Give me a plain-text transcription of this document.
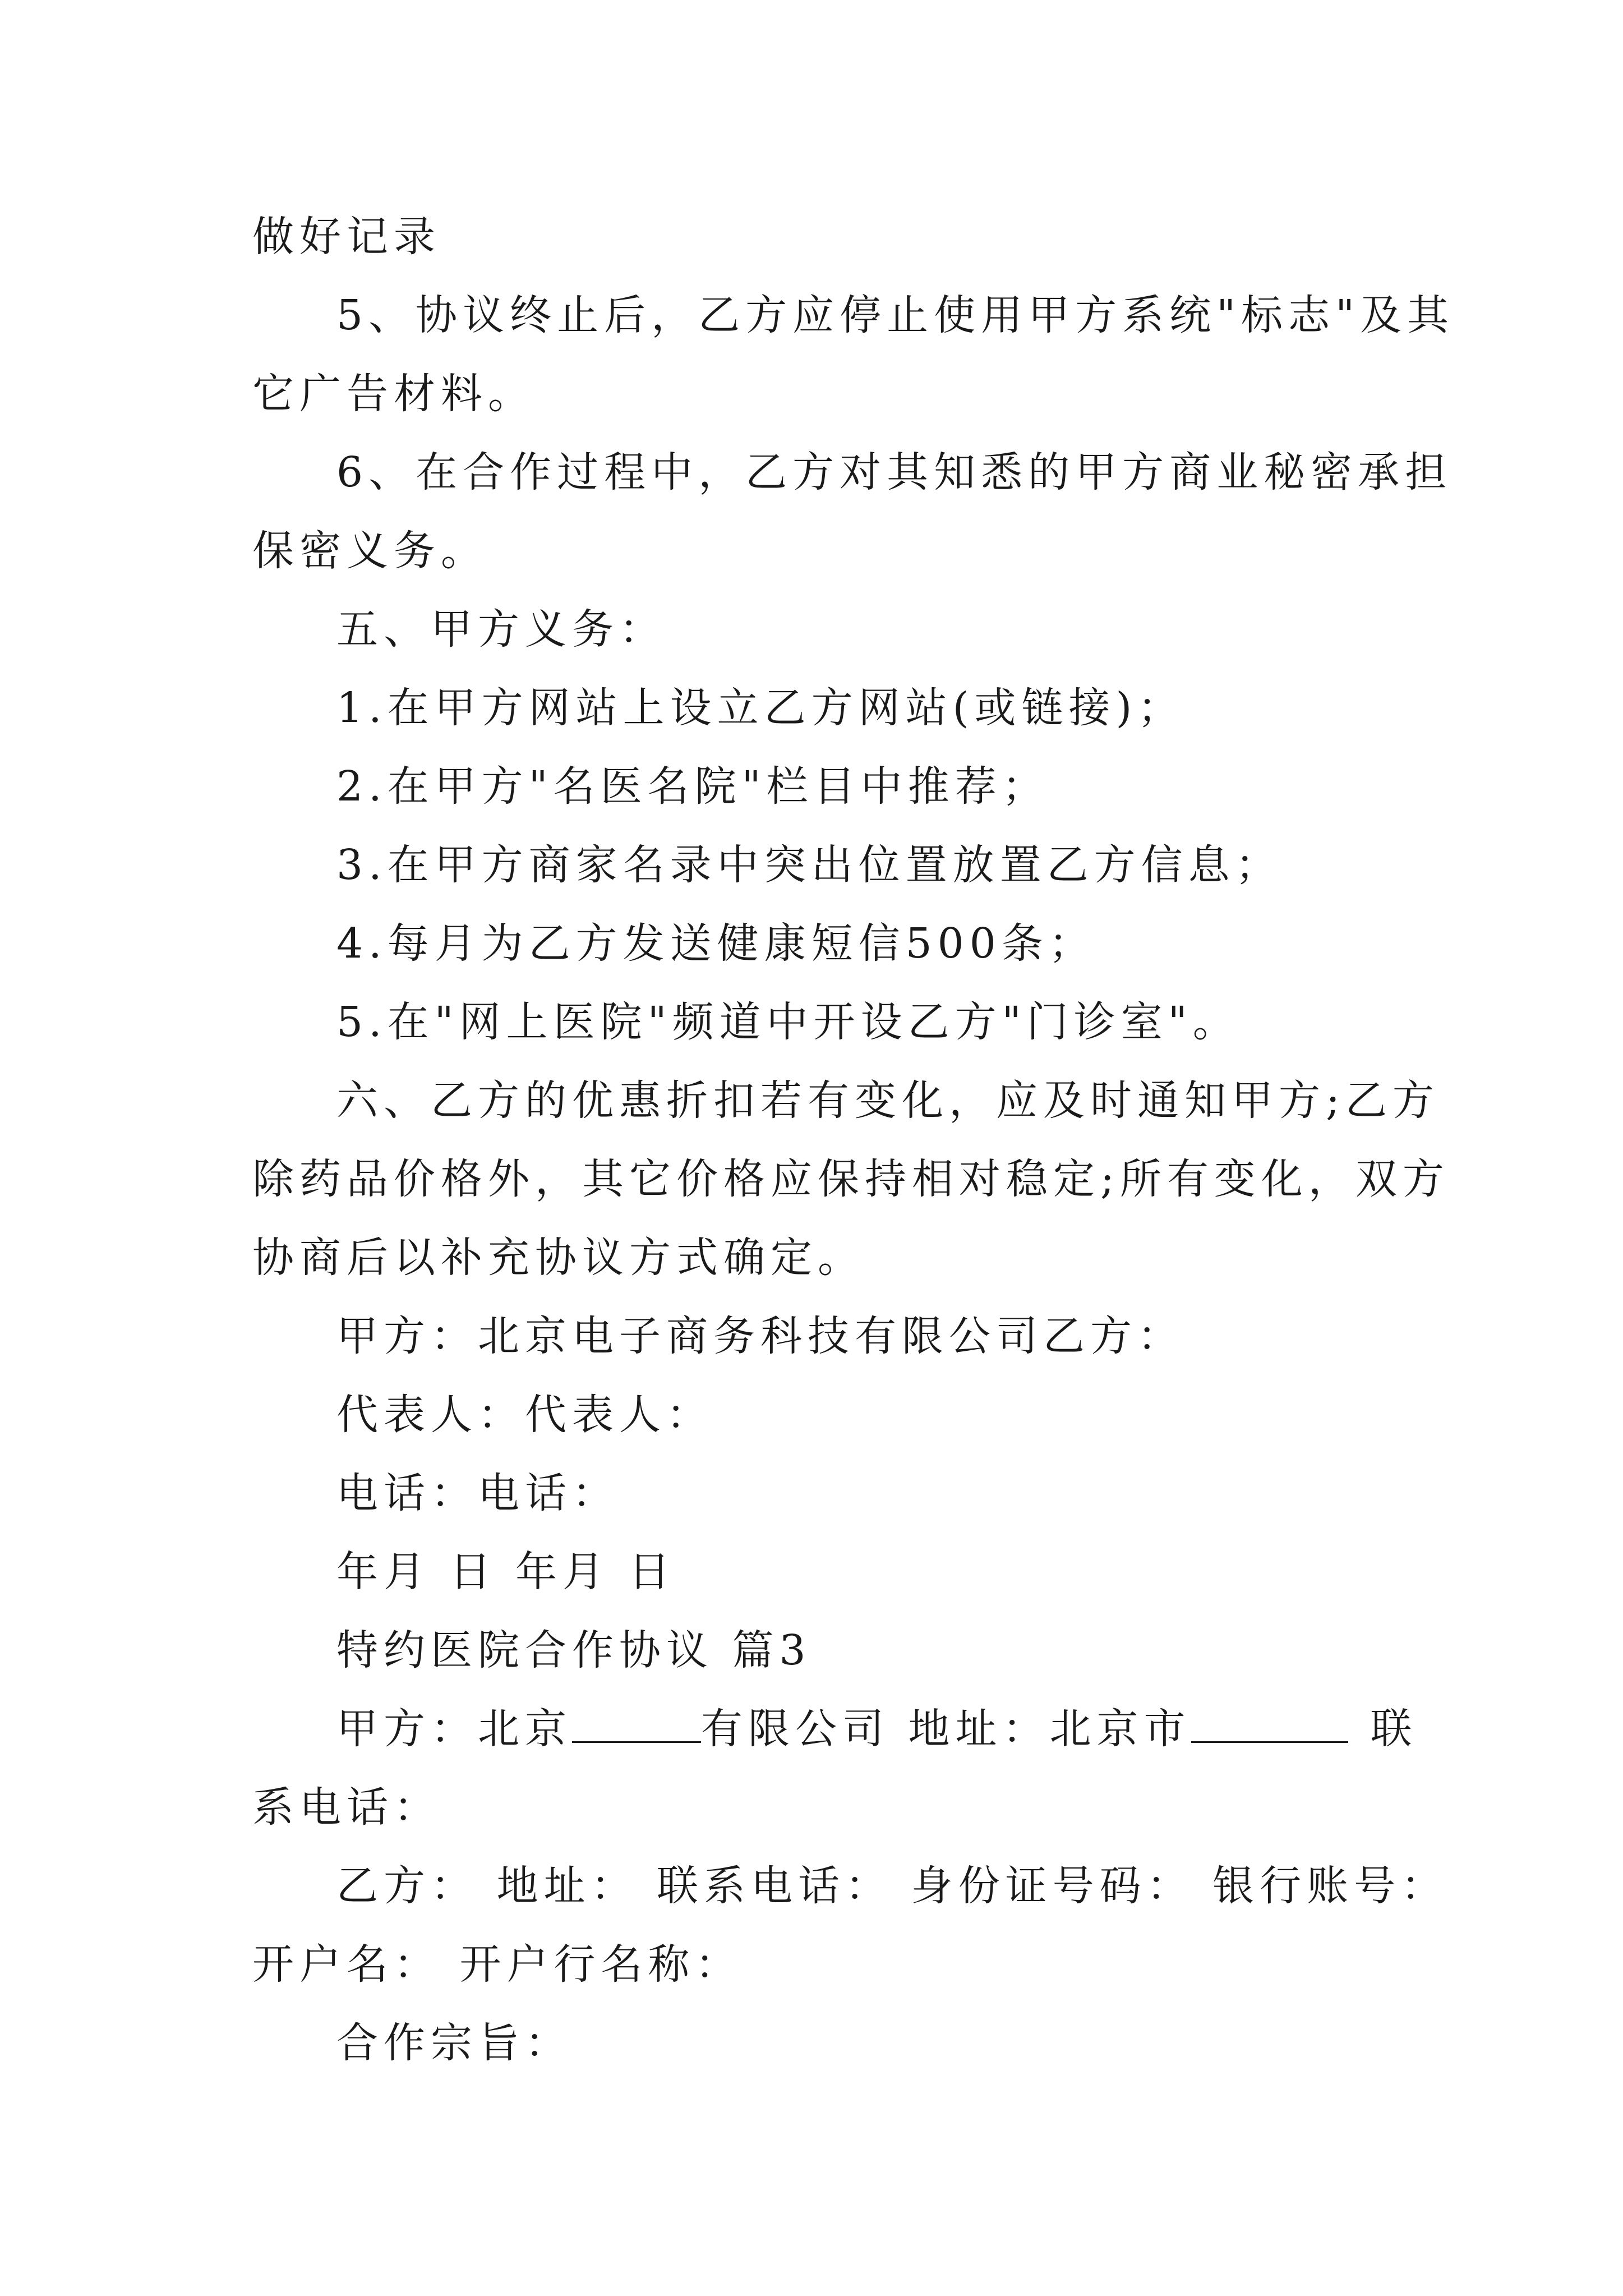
做好记录
5、协议终止后，乙方应停止使用甲方系统"标志"及其
它广告材料。
6、在合作过程中，乙方对其知悉的甲方商业秘密承担
保密义务。
五、甲方义务：
1.在甲方网站上设立乙方网站(或链接)；
2.在甲方"名医名院"栏目中推荐；
3.在甲方商家名录中突出位置放置乙方信息；
4.每月为乙方发送健康短信500条；
5.在"网上医院"频道中开设乙方"门诊室"。
六、乙方的优惠折扣若有变化，应及时通知甲方;乙方
除药品价格外，其它价格应保持相对稳定;所有变化，双方
协商后以补充协议方式确定。
甲方：北京电子商务科技有限公司乙方：
代表人：代表人：
电话：电话：
年月 日 年月 日
特约医院合作协议 篇3
甲方：北京	有限公司 地址：北京市	联
系电话：
乙方： 地址： 联系电话： 身份证号码： 银行账号：
开户名： 开户行名称：
合作宗旨：
